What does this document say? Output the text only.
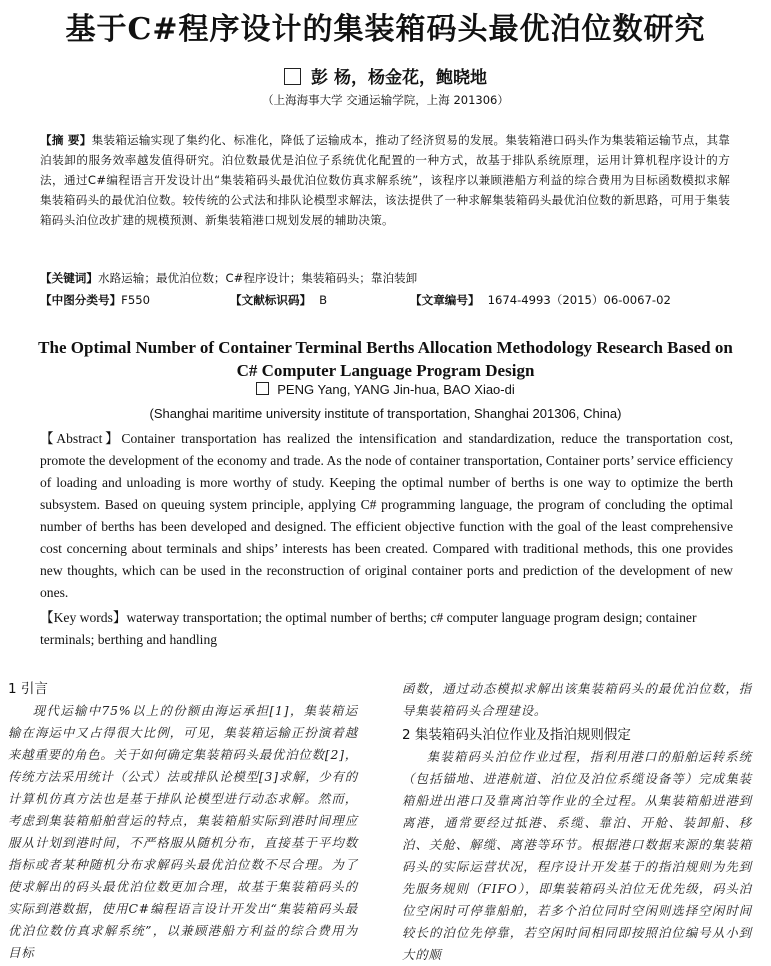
基于C#程序设计的集装箱码头最优泊位数研究
彭 杨，杨金花，鲍晓地
（上海海事大学 交通运输学院，上海 201306）
【摘 要】集装箱运输实现了集约化、标准化，降低了运输成本，推动了经济贸易的发展。集装箱港口码头作为集装箱运输节点，其靠泊装卸的服务效率越发值得研究。泊位数最优是泊位子系统优化配置的一种方式，故基于排队系统原理，运用计算机程序设计的方法，通过C#编程语言开发设计出“集装箱码头最优泊位数仿真求解系统”，该程序以兼顾港船方利益的综合费用为目标函数模拟求解集装箱码头的最优泊位数。较传统的公式法和排队论模型求解法，该法提供了一种求解集装箱码头最优泊位数的新思路，可用于集装箱码头泊位改扩建的规模预测、新集装箱港口规划发展的辅助决策。
【关键词】水路运输；最优泊位数；C#程序设计；集装箱码头；靠泊装卸
【中图分类号】F550	【文献标识码】 B	【文章编号】 1674-4993（2015）06-0067-02
The Optimal Number of Container Terminal Berths Allocation Methodology Research Based on C# Computer Language Program Design
PENG Yang, YANG Jin-hua, BAO Xiao-di
(Shanghai maritime university institute of transportation, Shanghai 201306, China)
【Abstract】Container transportation has realized the intensification and standardization, reduce the transportation cost, promote the development of the economy and trade. As the node of container transportation, Container ports’ service efficiency of loading and unloading is more worthy of study. Keeping the optimal number of berths is one way to optimize the berth subsystem. Based on queuing system principle, applying C# programming language, the program of concluding the optimal number of berths has been developed and designed. The efficient objective function with the goal of the least comprehensive cost concerning about terminals and ships’ interests has been created. Compared with traditional methods, this one provides new thoughts, which can be used in the reconstruction of original container ports and prediction of the development of new ones.
【Key words】waterway transportation; the optimal number of berths; c# computer language program design; container terminals; berthing and handling
1 引言

现代运输中75%以上的份额由海运承担[1]，集装箱运输在海运中又占得很大比例，可见，集装箱运输正扮演着越来越重要的角色。关于如何确定集装箱码头最优泊位数[2]，传统方法采用统计（公式）法或排队论模型[3]求解，少有的计算机仿真方法也是基于排队论模型进行动态求解。然而，考虑到集装箱船舶营运的特点，集装箱船实际到港时间理应服从计划到港时间，不严格服从随机分布，直接基于平均数指标或者某种随机分布求解码头最优泊位数不尽合理。为了使求解出的码头最优泊位数更加合理，故基于集装箱码头的实际到港数据，使用C#编程语言设计开发出“集装箱码头最优泊位数仿真求解系统”，以兼顾港船方利益的综合费用为目标

函数，通过动态模拟求解出该集装箱码头的最优泊位数，指导集装箱码头合理建设。

2 集装箱码头泊位作业及指泊规则假定

集装箱码头泊位作业过程，指利用港口的船舶运转系统（包括锚地、进港航道、泊位及泊位系缆设备等）完成集装箱船进出港口及靠离泊等作业的全过程。从集装箱船进港到离港，通常要经过抵港、系缆、靠泊、开舱、装卸船、移泊、关舱、解缆、离港等环节。根据港口数据来源的集装箱码头的实际运营状况，程序设计开发基于的指泊规则为先到先服务规则（FIFO），即集装箱码头泊位无优先级，码头泊位空闲时可停靠船舶，若多个泊位同时空闲则选择空闲时间较长的泊位先停靠，若空闲时间相同即按照泊位编号从小到大的顺
